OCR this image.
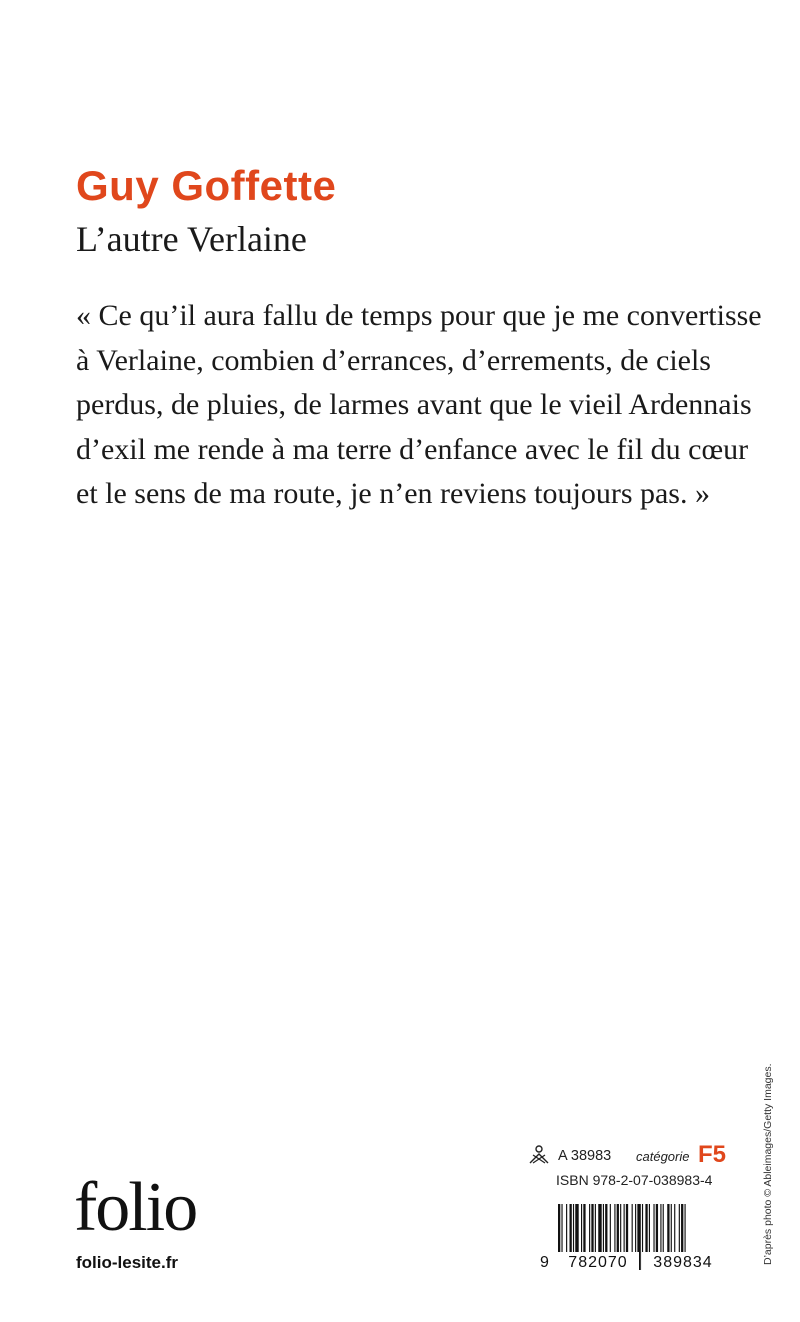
Guy Goffette
L’autre Verlaine

« Ce qu’il aura fallu de temps pour que je me convertisse
à Verlaine, combien d’errances, d’errements, de ciels
perdus, de pluies, de larmes avant que le vieil Ardennais
d’exil me rende à ma terre d’enfance avec le fil du cœur
et le sens de ma route, je n’en reviens toujours pas. »

D’après photo © Ableimages/Getty Images.
A 38983 catégorie F5
ISBN 978-2-07-038983-4
9	782070	389834
folio
folio-lesite.fr
